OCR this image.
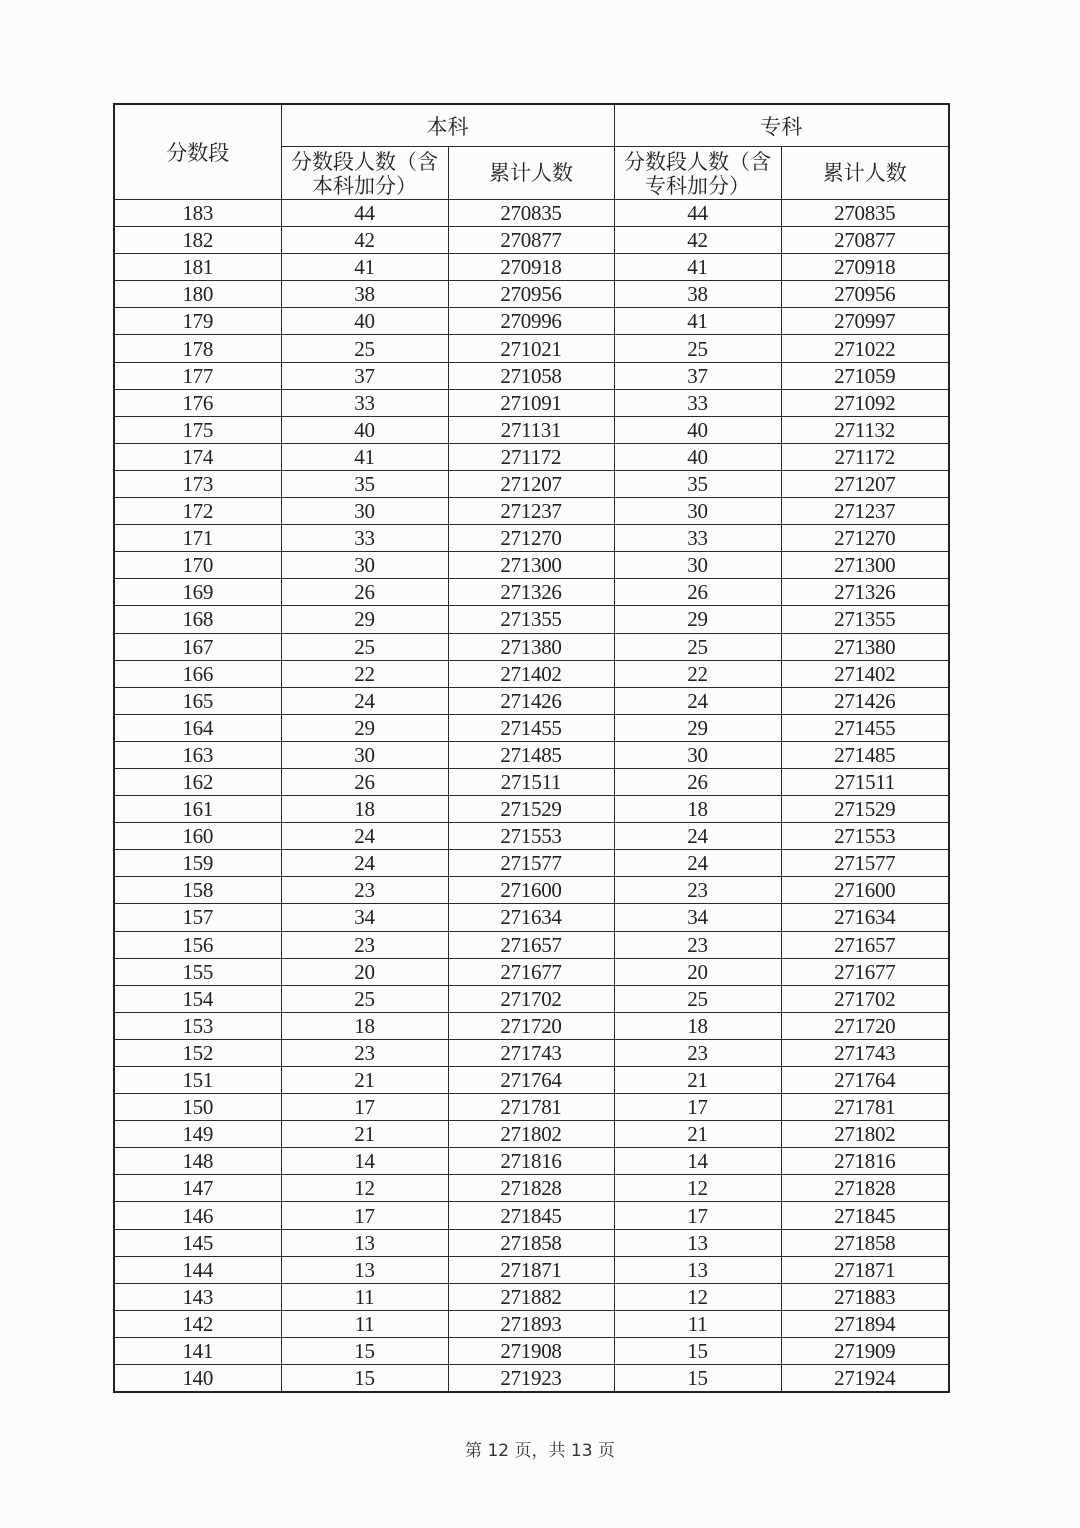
分数段	本科		专科	
	分数段人数（含本科加分）	累计人数	分数段人数（含专科加分）	累计人数
183	44	270835	44	270835
182	42	270877	42	270877
181	41	270918	41	270918
180	38	270956	38	270956
179	40	270996	41	270997
178	25	271021	25	271022
177	37	271058	37	271059
176	33	271091	33	271092
175	40	271131	40	271132
174	41	271172	40	271172
173	35	271207	35	271207
172	30	271237	30	271237
171	33	271270	33	271270
170	30	271300	30	271300
169	26	271326	26	271326
168	29	271355	29	271355
167	25	271380	25	271380
166	22	271402	22	271402
165	24	271426	24	271426
164	29	271455	29	271455
163	30	271485	30	271485
162	26	271511	26	271511
161	18	271529	18	271529
160	24	271553	24	271553
159	24	271577	24	271577
158	23	271600	23	271600
157	34	271634	34	271634
156	23	271657	23	271657
155	20	271677	20	271677
154	25	271702	25	271702
153	18	271720	18	271720
152	23	271743	23	271743
151	21	271764	21	271764
150	17	271781	17	271781
149	21	271802	21	271802
148	14	271816	14	271816
147	12	271828	12	271828
146	17	271845	17	271845
145	13	271858	13	271858
144	13	271871	13	271871
143	11	271882	12	271883
142	11	271893	11	271894
141	15	271908	15	271909
140	15	271923	15	271924
第 12 页，共 13 页
